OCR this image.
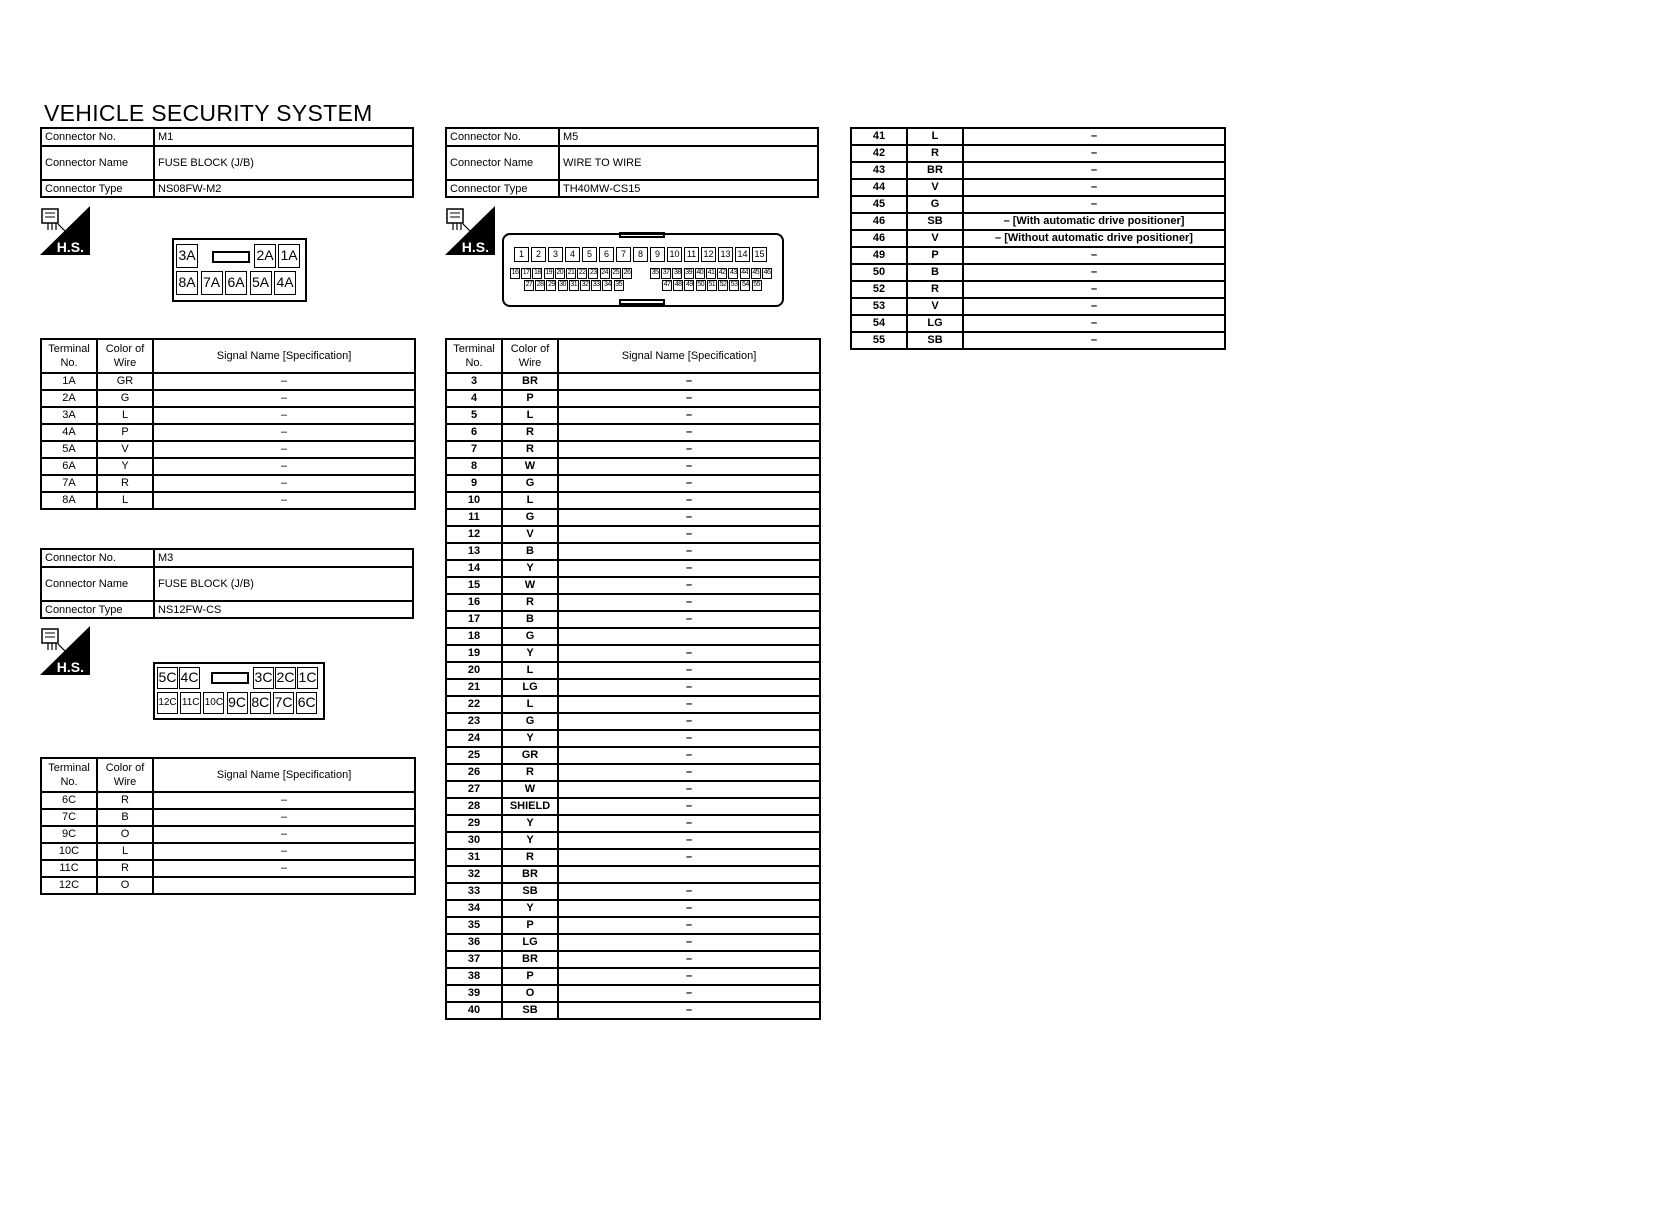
VEHICLE SECURITY SYSTEM
Connector No.	M1
Connector Name	FUSE BLOCK (J/B)
Connector Type	NS08FW-M2
H.S.	3A	2A 1A
8A 7A 6A 5A 4A
Terminal No.	Color of Wire	Signal Name [Specification]
1A	GR	–
2A	G	–
3A	L	–
4A	P	–
5A	V	–
6A	Y	–
7A	R	–
8A	L	–
Connector No.	M3
Connector Name	FUSE BLOCK (J/B)
Connector Type	NS12FW-CS
H.S.
5C 4C	3C 2C 1C
12C 11C 10C 9C 8C 7C 6C
Terminal No.	Color of Wire	Signal Name [Specification]
6C	R	–
7C	B	–
9C	O	–
10C	L	–
11C	R	–
12C	O	
Connector No.	M5
Connector Name	WIRE TO WIRE
Connector Type	TH40MW-CS15
H.S.	1	2	3	4	5	6	7	8	9	10 11 12 13 14 15
16 17 18 19 20 21 22 23 24 25 26	35 37 38 39 40 41 42 43 44 45 46
27 28 29 30 31 32 33 34 35	47 48 49 50 51 52 53 54 55
Terminal No.	Color of Wire	Signal Name [Specification]
3	BR	–
4	P	–
5	L	–
6	R	–
7	R	–
8	W	–
9	G	–
10	L	–
11	G	–
12	V	–
13	B	–
14	Y	–
15	W	–
16	R	–
17	B	–
18	G	
19	Y	–
20	L	–
21	LG	–
22	L	–
23	G	–
24	Y	–
25	GR	–
26	R	–
27	W	–
28	SHIELD	–
29	Y	–
30	Y	–
31	R	–
32	BR	
33	SB	–
34	Y	–
35	P	–
36	LG	–
37	BR	–
38	P	–
39	O	–
40	SB	–
41	L	–
42	R	–
43	BR	–
44	V	–
45	G	–
46	SB	– [With automatic drive positioner]
46	V	– [Without automatic drive positioner]
49	P	–
50	B	–
52	R	–
53	V	–
54	LG	–
55	SB	–
